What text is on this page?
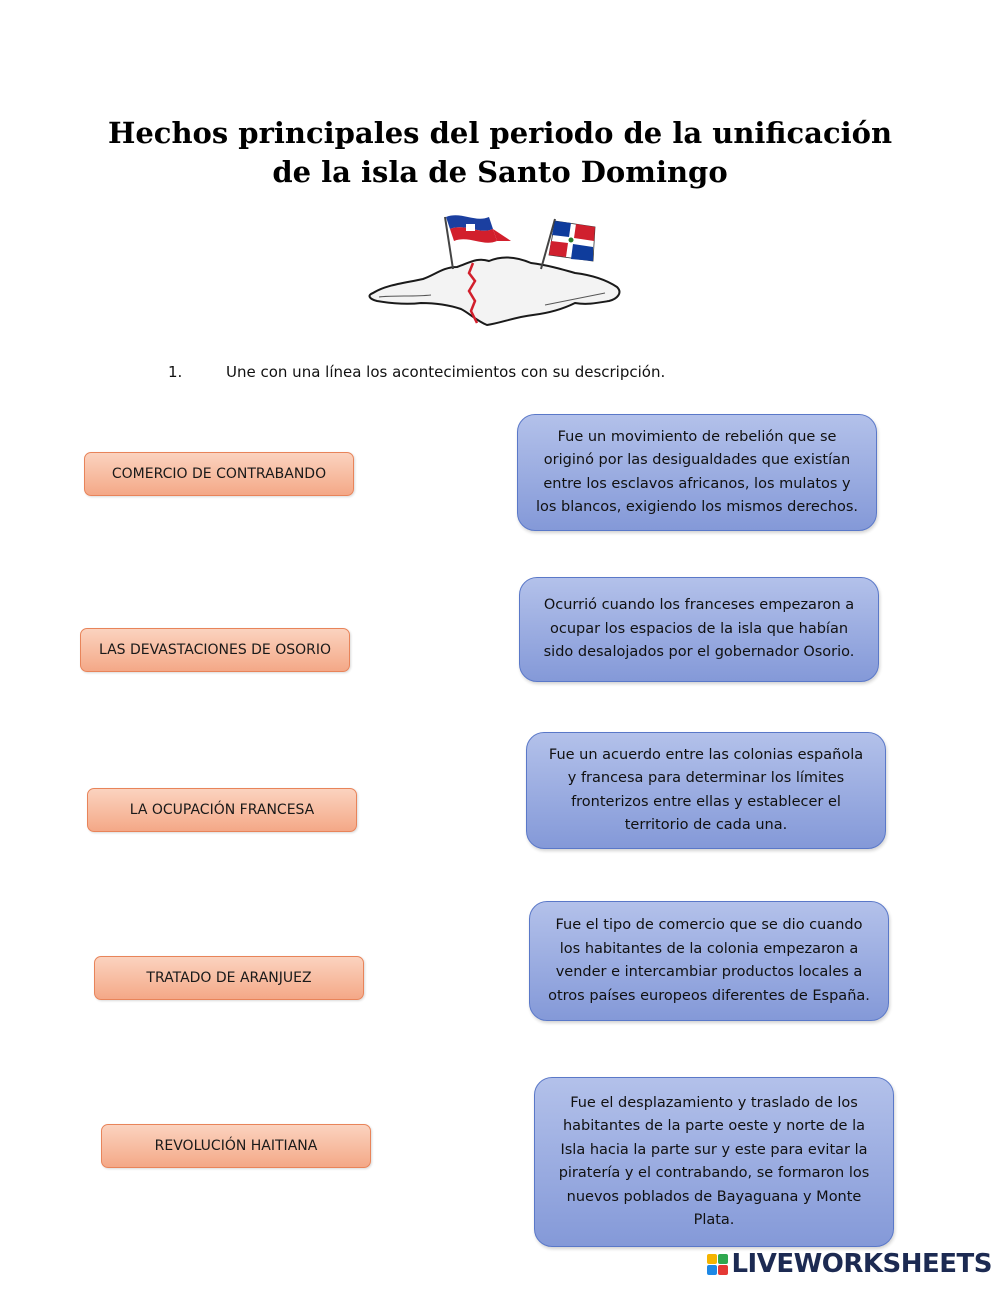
Hechos principales del periodo de la unificación
de la isla de Santo Domingo
1.	Une con una línea los acontecimientos con su descripción.
COMERCIO DE CONTRABANDO
LAS DEVASTACIONES DE OSORIO
LA OCUPACIÓN FRANCESA
TRATADO DE ARANJUEZ
REVOLUCIÓN HAITIANA
Fue un movimiento de rebelión que se originó por las desigualdades que existían entre los esclavos africanos, los mulatos y los blancos, exigiendo los mismos derechos.
Ocurrió cuando los franceses empezaron a ocupar los espacios de la isla que habían sido desalojados por el gobernador Osorio.
Fue un acuerdo entre las colonias española y francesa para determinar los límites fronterizos entre ellas y establecer el territorio de cada una.
Fue el tipo de comercio que se dio cuando los habitantes de la colonia empezaron a vender e intercambiar productos locales a otros países europeos diferentes de España.
Fue el desplazamiento y traslado de los habitantes de la parte oeste y norte de la Isla hacia la parte sur y este para evitar la piratería y el contrabando, se formaron los nuevos poblados de Bayaguana y Monte Plata.
LIVEWORKSHEETS
